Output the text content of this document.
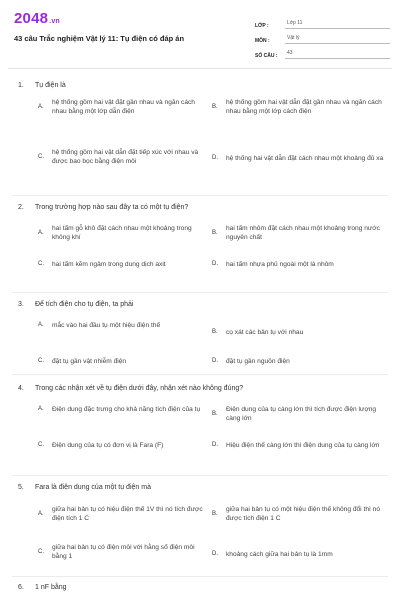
2048.vn
43 câu Trắc nghiệm Vật lý 11: Tụ điện có đáp án
LỚP :	Lớp 11
MÔN :	Vật lý
SỐ CÂU :	43
1.	Tụ điện là
A.
hệ thống gồm hai vật đặt gần nhau và ngăn cách nhau bằng một lớp dẫn điện
B.
hệ thống gồm hai vật dẫn đặt gần nhau và ngăn cách nhau bằng một lớp cách điện
C.
hệ thống gồm hai vật dẫn đặt tiếp xúc với nhau và được bao bọc bằng điện môi	D.	hệ thống hai vật dẫn đặt cách nhau một khoảng đủ xa
2.	Trong trường hợp nào sau đây ta có một tụ điện?
A.
hai tấm gỗ khô đặt cách nhau một khoảng trong không khí
B.
hai tấm nhôm đặt cách nhau một khoảng trong nước nguyên chất
C.	hai tấm kẽm ngâm trong dung dịch axit	D.	hai tấm nhựa phủ ngoài một lá nhôm
3.	Để tích điện cho tụ điện, ta phải
A.	mắc vào hai đầu tụ một hiệu điện thế
B.	cọ xát các bản tụ với nhau
C.	đặt tụ gần vật nhiễm điện	D.	đặt tụ gần nguồn điện
4.	Trong các nhận xét về tụ điện dưới đây, nhận xét nào không đúng?
A.	Điện dung đặc trưng cho khả năng tích điện của tụ
B.
Điện dung của tụ càng lớn thì tích được điện lượng càng lớn
C.	Điện dung của tụ có đơn vị là Fara (F)	D.	Hiệu điện thế càng lớn thì điện dung của tụ càng lớn
5.	Fara là điện dung của một tụ điện mà
A.
giữa hai bản tụ có hiệu điện thế 1V thì nó tích được điện tích 1 C
B.
giữa hai bản tụ có một hiệu điện thế không đổi thì nó được tích điện 1 C
C.
giữa hai bản tụ có điện môi với hằng số điện môi bằng 1	D.	khoảng cách giữa hai bản tụ là 1mm
6.	1 nF bằng
